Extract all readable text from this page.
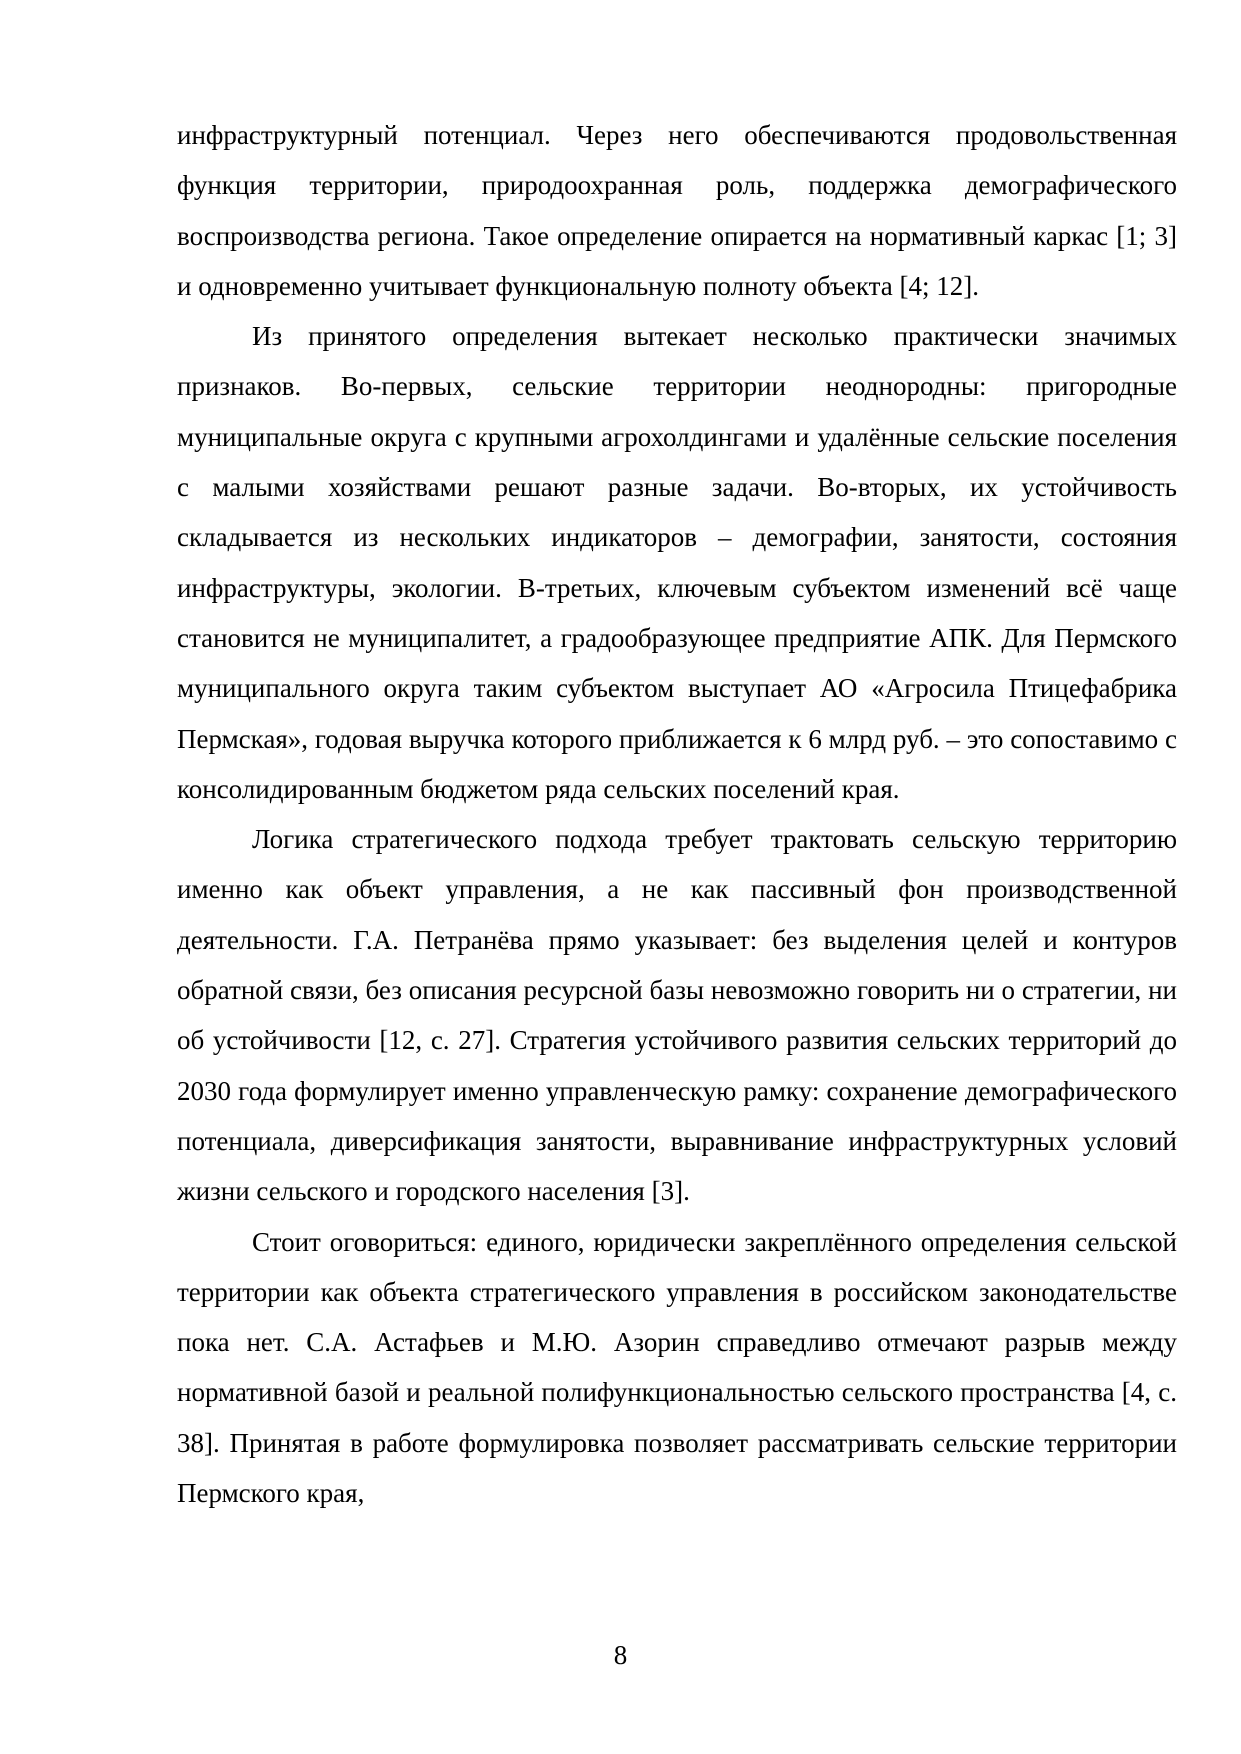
инфраструктурный потенциал. Через него обеспечиваются продовольственная функция территории, природоохранная роль, поддержка демографического воспроизводства региона. Такое определение опирается на нормативный каркас [1; 3] и одновременно учитывает функциональную полноту объекта [4; 12].

Из принятого определения вытекает несколько практически значимых признаков. Во-первых, сельские территории неоднородны: пригородные муниципальные округа с крупными агрохолдингами и удалённые сельские поселения с малыми хозяйствами решают разные задачи. Во-вторых, их устойчивость складывается из нескольких индикаторов – демографии, занятости, состояния инфраструктуры, экологии. В-третьих, ключевым субъектом изменений всё чаще становится не муниципалитет, а градообразующее предприятие АПК. Для Пермского муниципального округа таким субъектом выступает АО «Агросила Птицефабрика Пермская», годовая выручка которого приближается к 6 млрд руб. – это сопоставимо с консолидированным бюджетом ряда сельских поселений края.

Логика стратегического подхода требует трактовать сельскую территорию именно как объект управления, а не как пассивный фон производственной деятельности. Г.А. Петранёва прямо указывает: без выделения целей и контуров обратной связи, без описания ресурсной базы невозможно говорить ни о стратегии, ни об устойчивости [12, с. 27]. Стратегия устойчивого развития сельских территорий до 2030 года формулирует именно управленческую рамку: сохранение демографического потенциала, диверсификация занятости, выравнивание инфраструктурных условий жизни сельского и городского населения [3].

Стоит оговориться: единого, юридически закреплённого определения сельской территории как объекта стратегического управления в российском законодательстве пока нет. С.А. Астафьев и М.Ю. Азорин справедливо отмечают разрыв между нормативной базой и реальной полифункциональностью сельского пространства [4, с. 38]. Принятая в работе формулировка позволяет рассматривать сельские территории Пермского края,

8
